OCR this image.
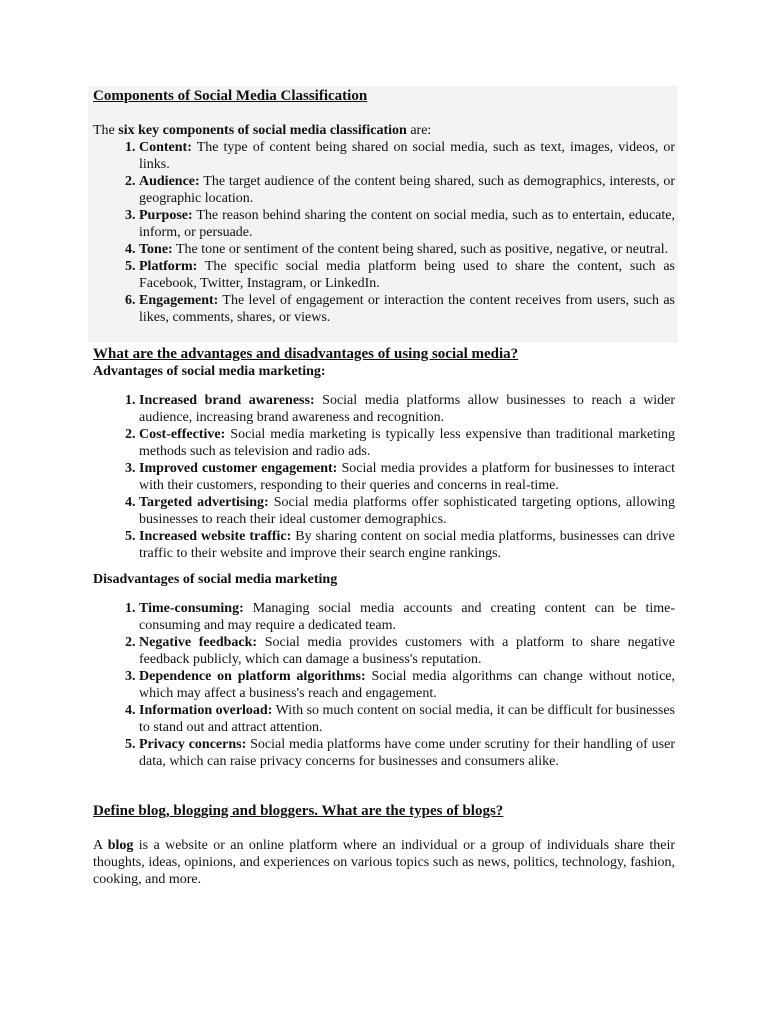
Components of Social Media Classification

The six key components of social media classification are:

1. Content: The type of content being shared on social media, such as text, images, videos, or links.
2. Audience: The target audience of the content being shared, such as demographics, interests, or geographic location.
3. Purpose: The reason behind sharing the content on social media, such as to entertain, educate, inform, or persuade.
4. Tone: The tone or sentiment of the content being shared, such as positive, negative, or neutral.
5. Platform: The specific social media platform being used to share the content, such as Facebook, Twitter, Instagram, or LinkedIn.
6. Engagement: The level of engagement or interaction the content receives from users, such as likes, comments, shares, or views.
What are the advantages and disadvantages of using social media?
Advantages of social media marketing:
1. Increased brand awareness: Social media platforms allow businesses to reach a wider audience, increasing brand awareness and recognition.
2. Cost-effective: Social media marketing is typically less expensive than traditional marketing methods such as television and radio ads.
3. Improved customer engagement: Social media provides a platform for businesses to interact with their customers, responding to their queries and concerns in real-time.
4. Targeted advertising: Social media platforms offer sophisticated targeting options, allowing businesses to reach their ideal customer demographics.
5. Increased website traffic: By sharing content on social media platforms, businesses can drive traffic to their website and improve their search engine rankings.
Disadvantages of social media marketing
1. Time-consuming: Managing social media accounts and creating content can be time-consuming and may require a dedicated team.
2. Negative feedback: Social media provides customers with a platform to share negative feedback publicly, which can damage a business's reputation.
3. Dependence on platform algorithms: Social media algorithms can change without notice, which may affect a business's reach and engagement.
4. Information overload: With so much content on social media, it can be difficult for businesses to stand out and attract attention.
5. Privacy concerns: Social media platforms have come under scrutiny for their handling of user data, which can raise privacy concerns for businesses and consumers alike.
Define blog, blogging and bloggers. What are the types of blogs?

A blog is a website or an online platform where an individual or a group of individuals share their thoughts, ideas, opinions, and experiences on various topics such as news, politics, technology, fashion, cooking, and more.
